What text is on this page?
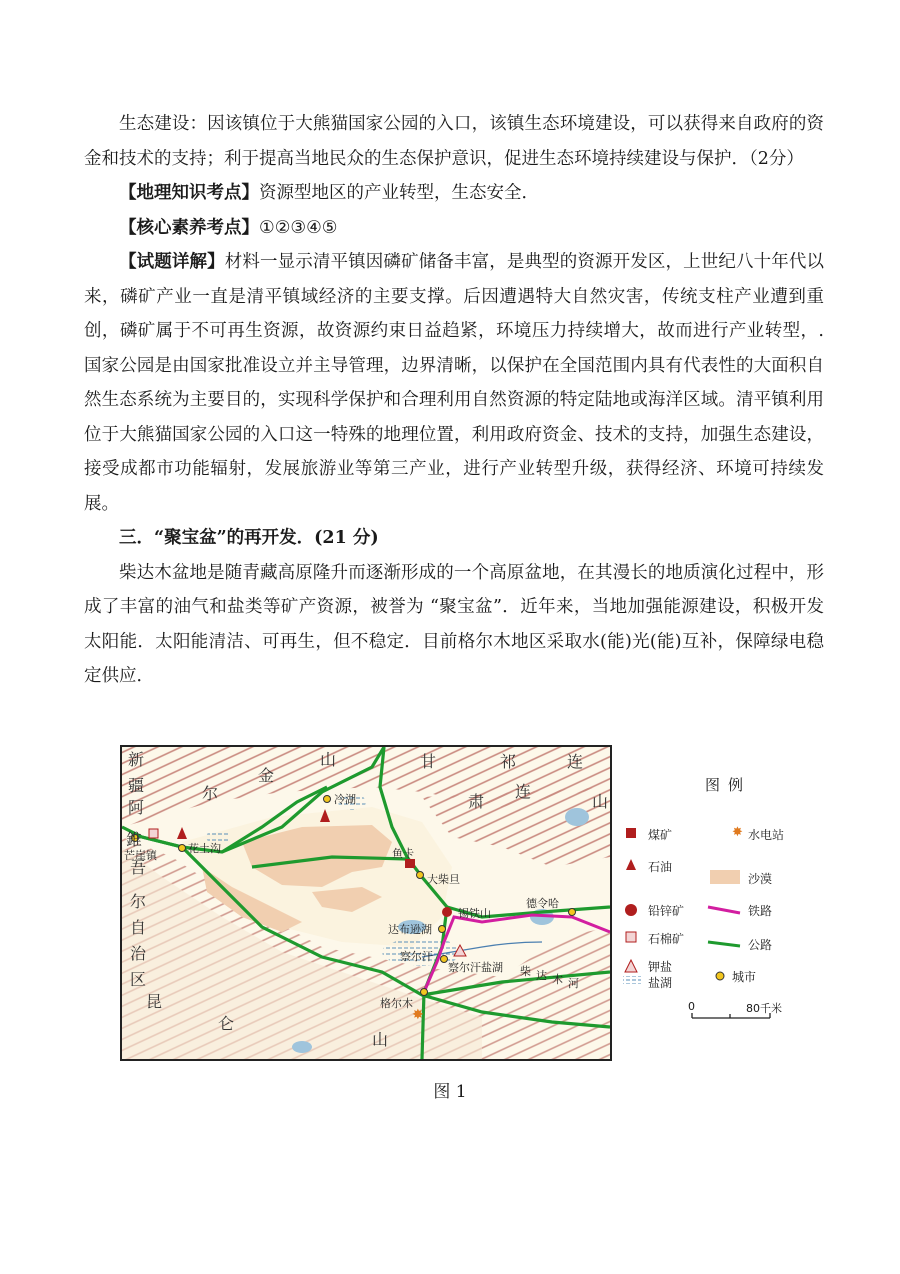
生态建设：因该镇位于大熊猫国家公园的入口，该镇生态环境建设，可以获得来自政府的资金和技术的支持；利于提高当地民众的生态保护意识，促进生态环境持续建设与保护．（2分）

【地理知识考点】资源型地区的产业转型，生态安全．

【核心素养考点】①②③④⑤

【试题详解】材料一显示清平镇因磷矿储备丰富，是典型的资源开发区，上世纪八十年代以来，磷矿产业一直是清平镇域经济的主要支撑。后因遭遇特大自然灾害，传统支柱产业遭到重创，磷矿属于不可再生资源，故资源约束日益趋紧，环境压力持续增大，故而进行产业转型，. 国家公园是由国家批准设立并主导管理，边界清晰，以保护在全国范围内具有代表性的大面积自然生态系统为主要目的，实现科学保护和合理利用自然资源的特定陆地或海洋区域。清平镇利用位于大熊猫国家公园的入口这一特殊的地理位置，利用政府资金、技术的支持，加强生态建设，接受成都市功能辐射，发展旅游业等第三产业，进行产业转型升级，获得经济、环境可持续发展。

三．“聚宝盆”的再开发．(21 分)

柴达木盆地是随青藏高原隆升而逐渐形成的一个高原盆地，在其漫长的地质演化过程中，形成了丰富的油气和盐类等矿产资源，被誉为 “聚宝盆”．近年来，当地加强能源建设，积极开发太阳能．太阳能清洁、可再生，但不稳定．目前格尔木地区采取水(能)光(能)互补，保障绿电稳定供应．

✸
新
疆
阿
尔
金
山	甘	祁	连
肃
连
山
錐
吾
尔
自
治
区
昆
仑
山
芒崖镇
花土沟
冷湖
鱼卡
大柴旦
锡铁山
德令哈
达布逊湖
察尔汗
察尔汗盐湖
格尔木
柴 达 木 河
图例
✸
煤矿	水电站
石油
沙漠
铅锌矿	铁路
石棉矿	公路
钾盐
城市
盐湖
0	80千米
图 1
